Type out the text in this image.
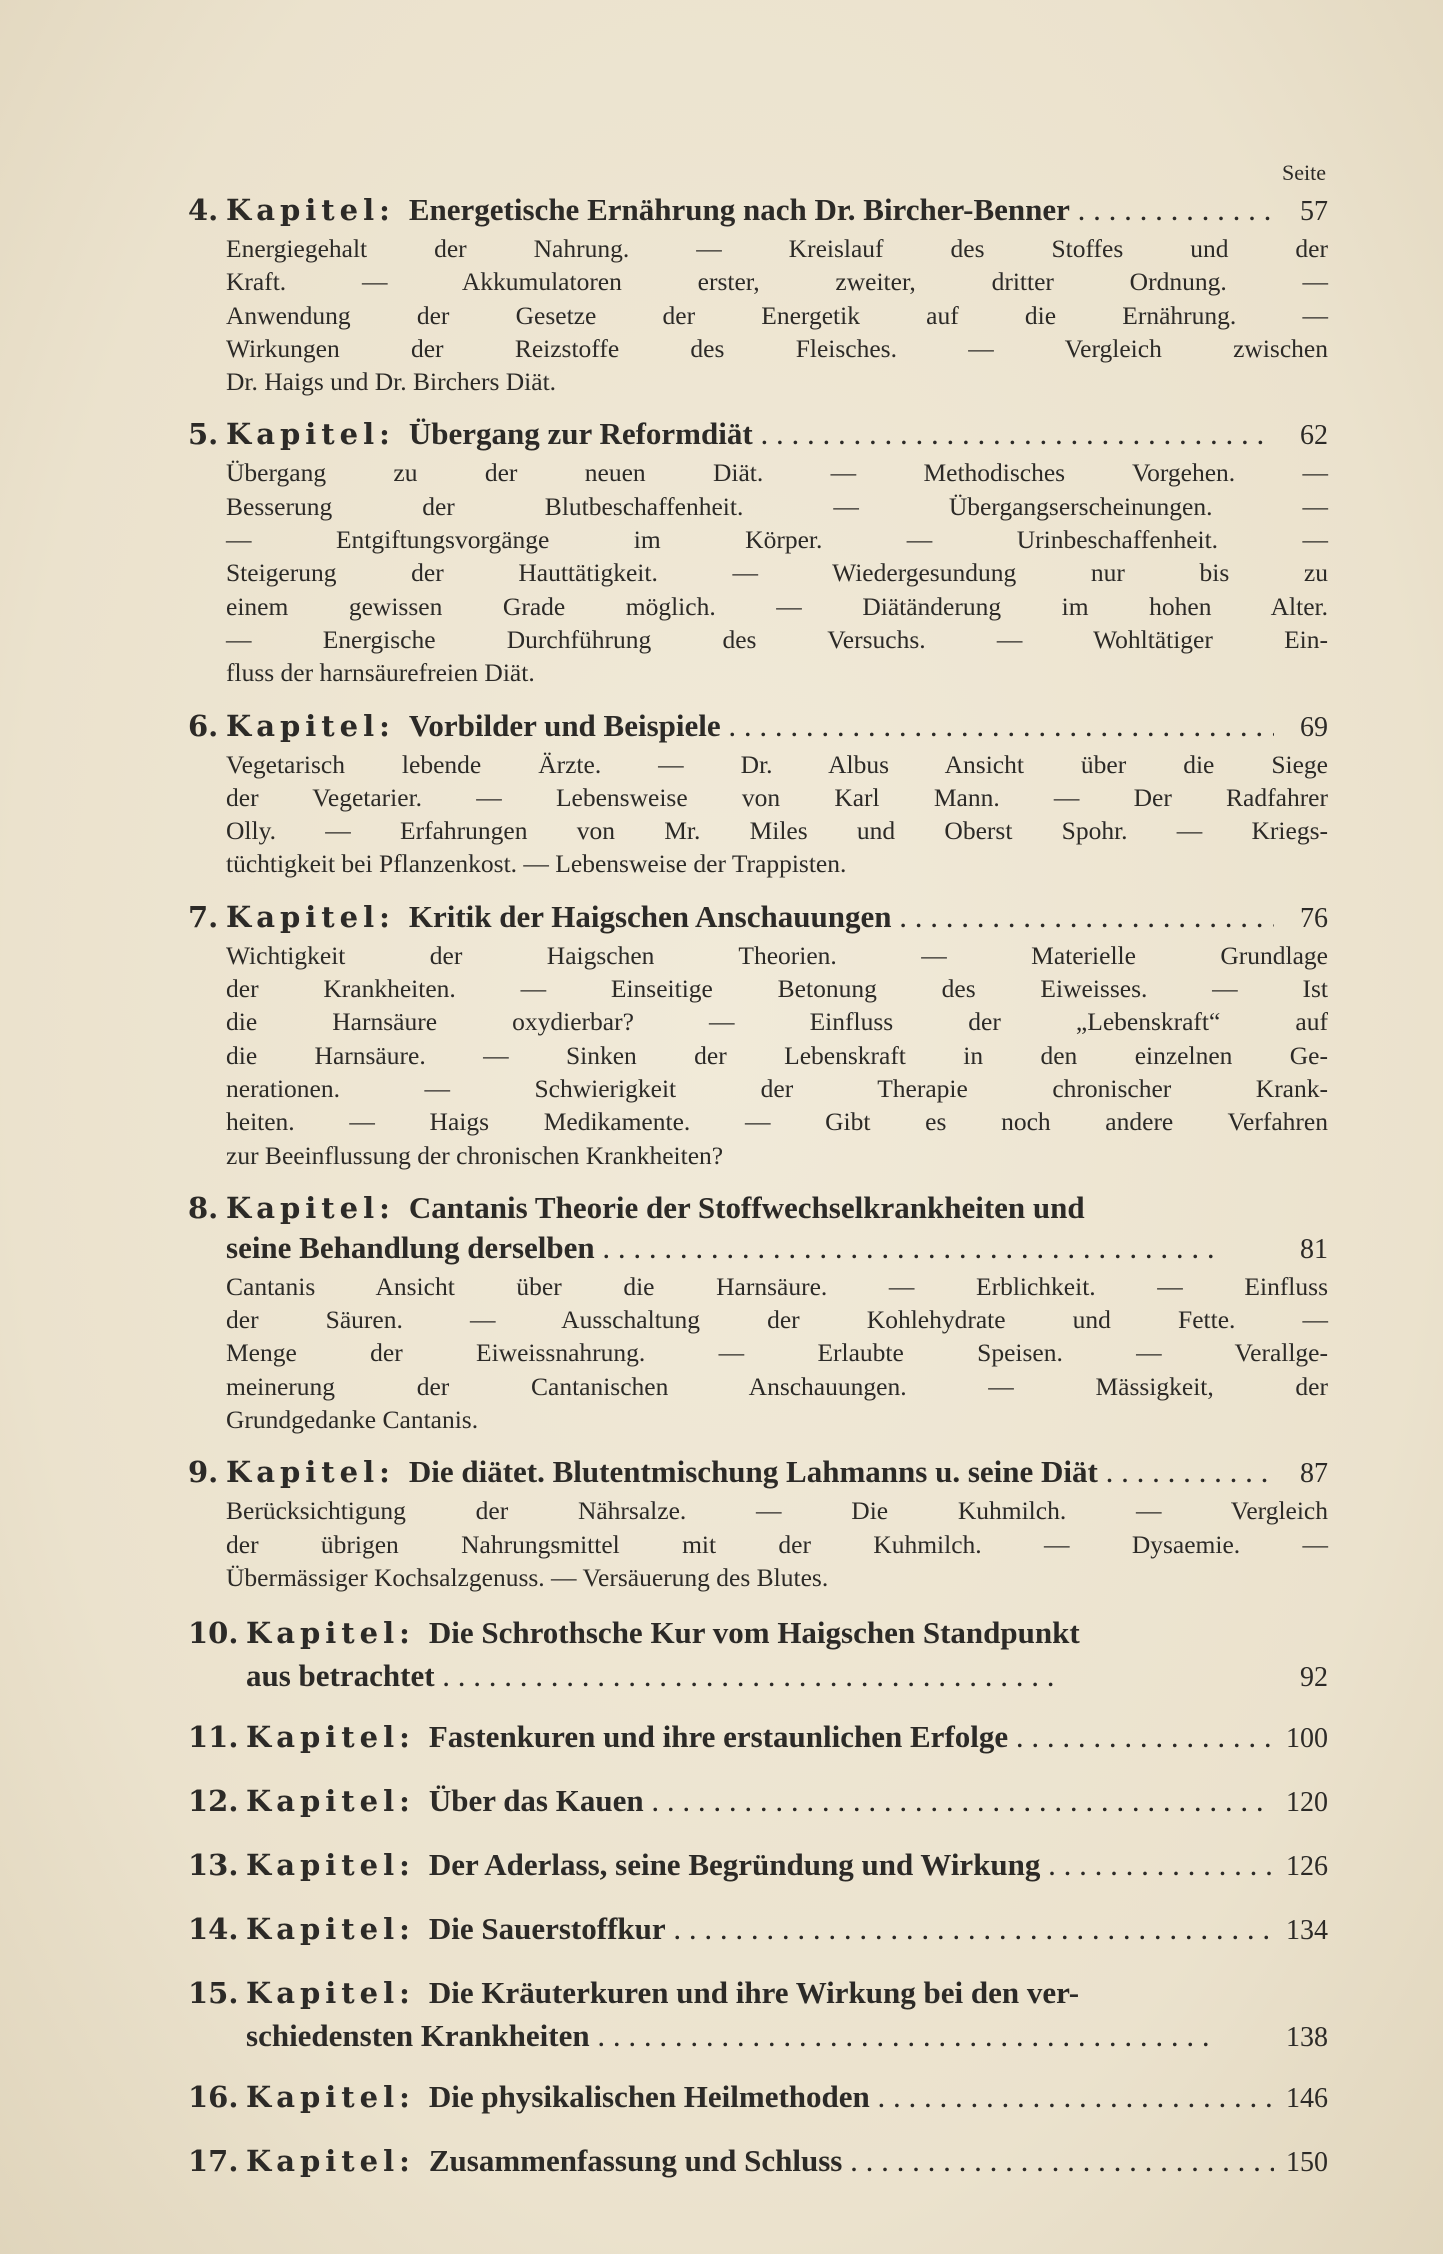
Seite
4. Kapitel: Energetische Ernährung nach Dr. Bircher-Benner . . .	57
Energiegehalt der Nahrung. — Kreislauf des Stoffes und der
Kraft. — Akkumulatoren erster, zweiter, dritter Ordnung. —
Anwendung der Gesetze der Energetik auf die Ernährung. —
Wirkungen der Reizstoffe des Fleisches. — Vergleich zwischen
Dr. Haigs und Dr. Birchers Diät.
5. Kapitel: Übergang zur Reformdiät . . .	62
Übergang zu der neuen Diät. — Methodisches Vorgehen. —
Besserung der Blutbeschaffenheit. — Übergangserscheinungen. —
— Entgiftungsvorgänge im Körper. — Urinbeschaffenheit. —
Steigerung der Hauttätigkeit. — Wiedergesundung nur bis zu
einem gewissen Grade möglich. — Diätänderung im hohen Alter.
— Energische Durchführung des Versuchs. — Wohltätiger Ein-
fluss der harnsäurefreien Diät.
6. Kapitel: Vorbilder und Beispiele . . .	69
Vegetarisch lebende Ärzte. — Dr. Albus Ansicht über die Siege
der Vegetarier. — Lebensweise von Karl Mann. — Der Radfahrer
Olly. — Erfahrungen von Mr. Miles und Oberst Spohr. — Kriegs-
tüchtigkeit bei Pflanzenkost. — Lebensweise der Trappisten.
7. Kapitel: Kritik der Haigschen Anschauungen . . .	76
Wichtigkeit der Haigschen Theorien. — Materielle Grundlage
der Krankheiten. — Einseitige Betonung des Eiweisses. — Ist
die Harnsäure oxydierbar? — Einfluss der „Lebenskraft“ auf
die Harnsäure. — Sinken der Lebenskraft in den einzelnen Ge-
nerationen. — Schwierigkeit der Therapie chronischer Krank-
heiten. — Haigs Medikamente. — Gibt es noch andere Verfahren
zur Beeinflussung der chronischen Krankheiten?
8. Kapitel: Cantanis Theorie der Stoffwechselkrankheiten und
seine Behandlung derselben . . .	81
Cantanis Ansicht über die Harnsäure. — Erblichkeit. — Einfluss
der Säuren. — Ausschaltung der Kohlehydrate und Fette. —
Menge der Eiweissnahrung. — Erlaubte Speisen. — Verallge-
meinerung der Cantanischen Anschauungen. — Mässigkeit, der
Grundgedanke Cantanis.
9. Kapitel: Die diätet. Blutentmischung Lahmanns u. seine Diät . . .	87
Berücksichtigung der Nährsalze. — Die Kuhmilch. — Vergleich
der übrigen Nahrungsmittel mit der Kuhmilch. — Dysaemie. —
Übermässiger Kochsalzgenuss. — Versäuerung des Blutes.
10. Kapitel: Die Schrothsche Kur vom Haigschen Standpunkt
aus betrachtet . . .	92
11. Kapitel: Fastenkuren und ihre erstaunlichen Erfolge . . .	100
12. Kapitel: Über das Kauen . . .	120
13. Kapitel: Der Aderlass, seine Begründung und Wirkung . . .	126
14. Kapitel: Die Sauerstoffkur . . .	134
15. Kapitel: Die Kräuterkuren und ihre Wirkung bei den ver-
schiedensten Krankheiten . . .	138
16. Kapitel: Die physikalischen Heilmethoden . . .	146
17. Kapitel: Zusammenfassung und Schluss . . .	150
